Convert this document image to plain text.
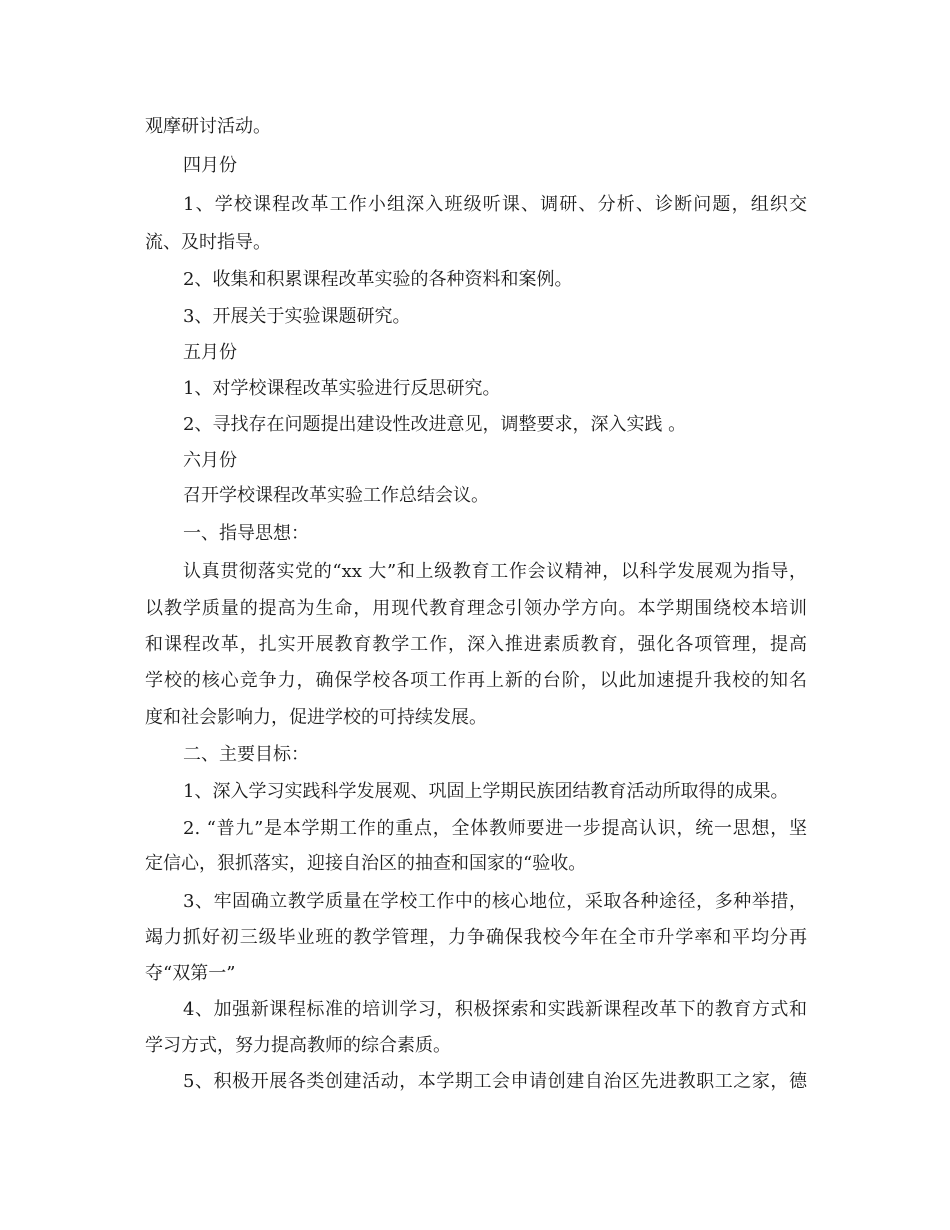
观摩研讨活动。
四月份
1、学校课程改革工作小组深入班级听课、调研、分析、诊断问题，组织交
流、及时指导。
2、收集和积累课程改革实验的各种资料和案例。
3、开展关于实验课题研究。
五月份
1、对学校课程改革实验进行反思研究。
2、寻找存在问题提出建设性改进意见，调整要求，深入实践 。
六月份
召开学校课程改革实验工作总结会议。
一、指导思想：
认真贯彻落实党的“xx 大”和上级教育工作会议精神，以科学发展观为指导，
以教学质量的提高为生命，用现代教育理念引领办学方向。本学期围绕校本培训
和课程改革，扎实开展教育教学工作，深入推进素质教育，强化各项管理，提高
学校的核心竞争力，确保学校各项工作再上新的台阶，以此加速提升我校的知名
度和社会影响力，促进学校的可持续发展。
二、主要目标：
1、深入学习实践科学发展观、巩固上学期民族团结教育活动所取得的成果。
2. “普九”是本学期工作的重点，全体教师要进一步提高认识，统一思想，坚
定信心，狠抓落实，迎接自治区的抽查和国家的“验收。
3、牢固确立教学质量在学校工作中的核心地位，采取各种途径，多种举措，
竭力抓好初三级毕业班的教学管理，力争确保我校今年在全市升学率和平均分再
夺“双第一”
4、加强新课程标准的培训学习，积极探索和实践新课程改革下的教育方式和
学习方式，努力提高教师的综合素质。
5、积极开展各类创建活动，本学期工会申请创建自治区先进教职工之家，德
